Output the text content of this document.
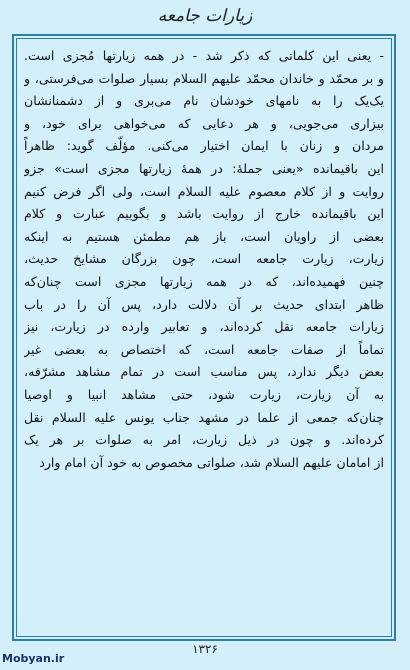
زیارات جامعه
- یعنی این کلماتی که ذکر شد - در همه زیارتها مُجزی است.
و بر محمّد و خاندان محمّد علیهم السلام بسیار صلوات می‌فرستی، و
یک‌یک را به نامهای خودشان نام می‌بری و از دشمنانشان
بیزاری می‌جویی، و هر دعایی که می‌خواهی برای خود، و
مردان و زنان با ایمان اختیار می‌کنی. مؤلّف گوید: ظاهراً
این باقیمانده «یعنی جملهٔ: در همهٔ زیارتها مجزی است» جزو
روایت و از کلام معصوم علیه السلام است، ولی اگر فرض کنیم
این باقیمانده خارج از روایت باشد و بگوییم عبارت و کلام
بعضی از راویان است، باز هم مطمئن هستیم به اینکه
زیارت، زیارت جامعه است، چون بزرگان مشایخ حدیث،
چنین فهمیده‌اند، که در همه زیارتها مجزی است چنان‌که
ظاهر ابتدای حدیث بر آن دلالت دارد، پس آن را در باب
زیارات جامعه نقل کرده‌اند، و تعابیر وارده در زیارت، نیز
تماماً از صفات جامعه است، که اختصاص به بعضی غیر
بعض دیگر ندارد، پس مناسب است در تمام مشاهد مشرّفه،
به آن زیارت، زیارت شود، حتی مشاهد انبیا و اوصیا
چنان‌که جمعی از علما در مشهد جناب یونس علیه السلام نقل
کرده‌اند. و چون در ذیل زیارت، امر به صلوات بر هر یک
از امامان علیهم السلام شد، صلواتی مخصوص به خود آن امام وارد
۱۳۲۶
Mobyan.ir
